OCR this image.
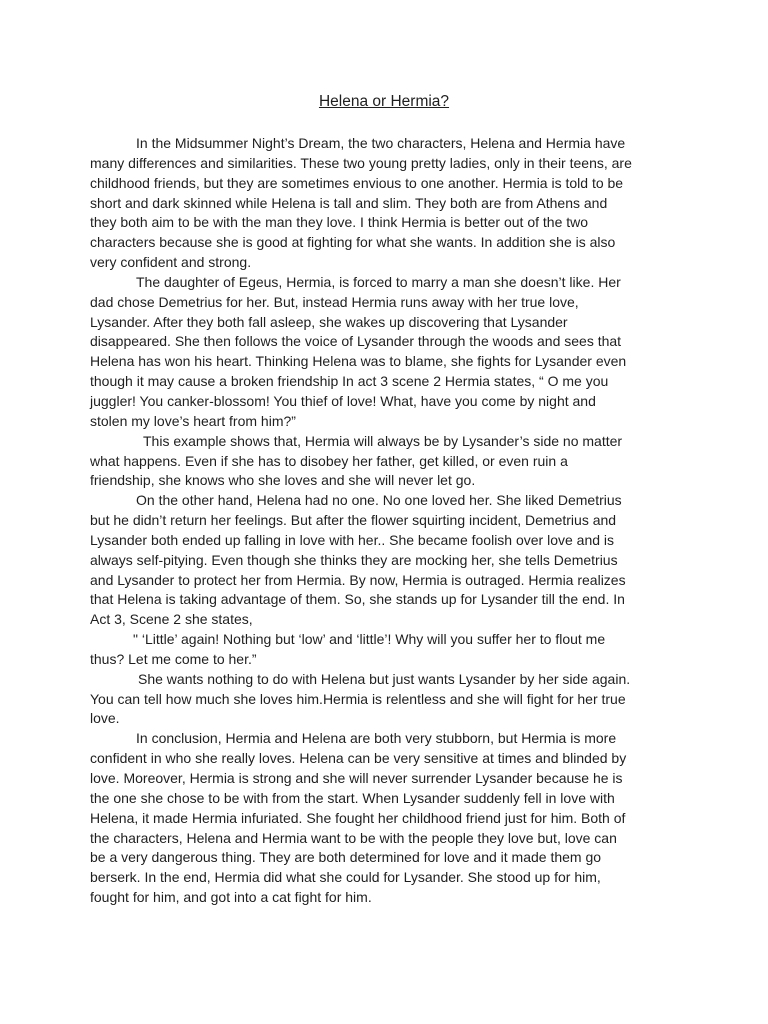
Helena or Hermia?
In the Midsummer Night’s Dream, the two characters, Helena and Hermia have
many differences and similarities. These two young pretty ladies, only in their teens, are
childhood friends, but they are sometimes envious to one another. Hermia is told to be
short and dark skinned while Helena is tall and slim. They both are from Athens and
they both aim to be with the man they love. I think Hermia is better out of the two
characters because she is good at fighting for what she wants. In addition she is also
very confident and strong.
The daughter of Egeus, Hermia, is forced to marry a man she doesn’t like. Her
dad chose Demetrius for her. But, instead Hermia runs away with her true love,
Lysander. After they both fall asleep, she wakes up discovering that Lysander
disappeared. She then follows the voice of Lysander through the woods and sees that
Helena has won his heart. Thinking Helena was to blame, she fights for Lysander even
though it may cause a broken friendship In act 3 scene 2 Hermia states, “ O me you
juggler! You canker-blossom! You thief of love! What, have you come by night and
stolen my love’s heart from him?”
This example shows that, Hermia will always be by Lysander’s side no matter
what happens. Even if she has to disobey her father, get killed, or even ruin a
friendship, she knows who she loves and she will never let go.
On the other hand, Helena had no one. No one loved her. She liked Demetrius
but he didn’t return her feelings. But after the flower squirting incident, Demetrius and
Lysander both ended up falling in love with her.. She became foolish over love and is
always self-pitying. Even though she thinks they are mocking her, she tells Demetrius
and Lysander to protect her from Hermia. By now, Hermia is outraged. Hermia realizes
that Helena is taking advantage of them. So, she stands up for Lysander till the end. In
Act 3, Scene 2 she states,
" ‘Little’ again! Nothing but ‘low’ and ‘little’! Why will you suffer her to flout me
thus? Let me come to her.”
She wants nothing to do with Helena but just wants Lysander by her side again.
You can tell how much she loves him.Hermia is relentless and she will fight for her true
love.
In conclusion, Hermia and Helena are both very stubborn, but Hermia is more
confident in who she really loves. Helena can be very sensitive at times and blinded by
love. Moreover, Hermia is strong and she will never surrender Lysander because he is
the one she chose to be with from the start. When Lysander suddenly fell in love with
Helena, it made Hermia infuriated. She fought her childhood friend just for him. Both of
the characters, Helena and Hermia want to be with the people they love but, love can
be a very dangerous thing. They are both determined for love and it made them go
berserk. In the end, Hermia did what she could for Lysander. She stood up for him,
fought for him, and got into a cat fight for him.
